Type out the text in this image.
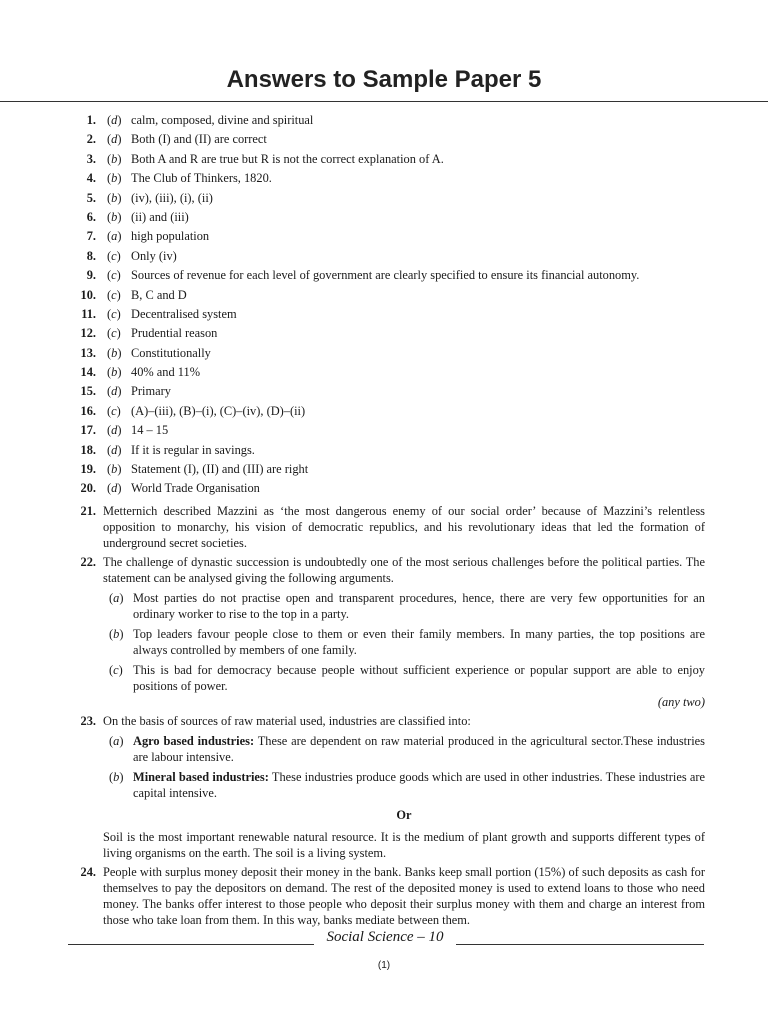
Answers to Sample Paper 5
1. (d) calm, composed, divine and spiritual
2. (d) Both (I) and (II) are correct
3. (b) Both A and R are true but R is not the correct explanation of A.
4. (b) The Club of Thinkers, 1820.
5. (b) (iv), (iii), (i), (ii)
6. (b) (ii) and (iii)
7. (a) high population
8. (c) Only (iv)
9. (c) Sources of revenue for each level of government are clearly specified to ensure its financial autonomy.
10. (c) B, C and D
11. (c) Decentralised system
12. (c) Prudential reason
13. (b) Constitutionally
14. (b) 40% and 11%
15. (d) Primary
16. (c) (A)–(iii), (B)–(i), (C)–(iv), (D)–(ii)
17. (d) 14 – 15
18. (d) If it is regular in savings.
19. (b) Statement (I), (II) and (III) are right
20. (d) World Trade Organisation
21. Metternich described Mazzini as ‘the most dangerous enemy of our social order’ because of Mazzini’s relentless opposition to monarchy, his vision of democratic republics, and his revolutionary ideas that led the formation of underground secret societies.
22. The challenge of dynastic succession is undoubtedly one of the most serious challenges before the political parties. The statement can be analysed giving the following arguments.
(a) Most parties do not practise open and transparent procedures, hence, there are very few opportunities for an ordinary worker to rise to the top in a party.
(b) Top leaders favour people close to them or even their family members. In many parties, the top positions are always controlled by members of one family.
(c) This is bad for democracy because people without sufficient experience or popular support are able to enjoy positions of power.
(any two)
23. On the basis of sources of raw material used, industries are classified into:
(a) Agro based industries: These are dependent on raw material produced in the agricultural sector.These industries are labour intensive.
(b) Mineral based industries: These industries produce goods which are used in other industries. These industries are capital intensive.
Or
Soil is the most important renewable natural resource. It is the medium of plant growth and supports different types of living organisms on the earth. The soil is a living system.
24. People with surplus money deposit their money in the bank. Banks keep small portion (15%) of such deposits as cash for themselves to pay the depositors on demand. The rest of the deposited money is used to extend loans to those who need money. The banks offer interest to those people who deposit their surplus money with them and charge an interest from those who take loan from them. In this way, banks mediate between them.
Social Science – 10
(1)
